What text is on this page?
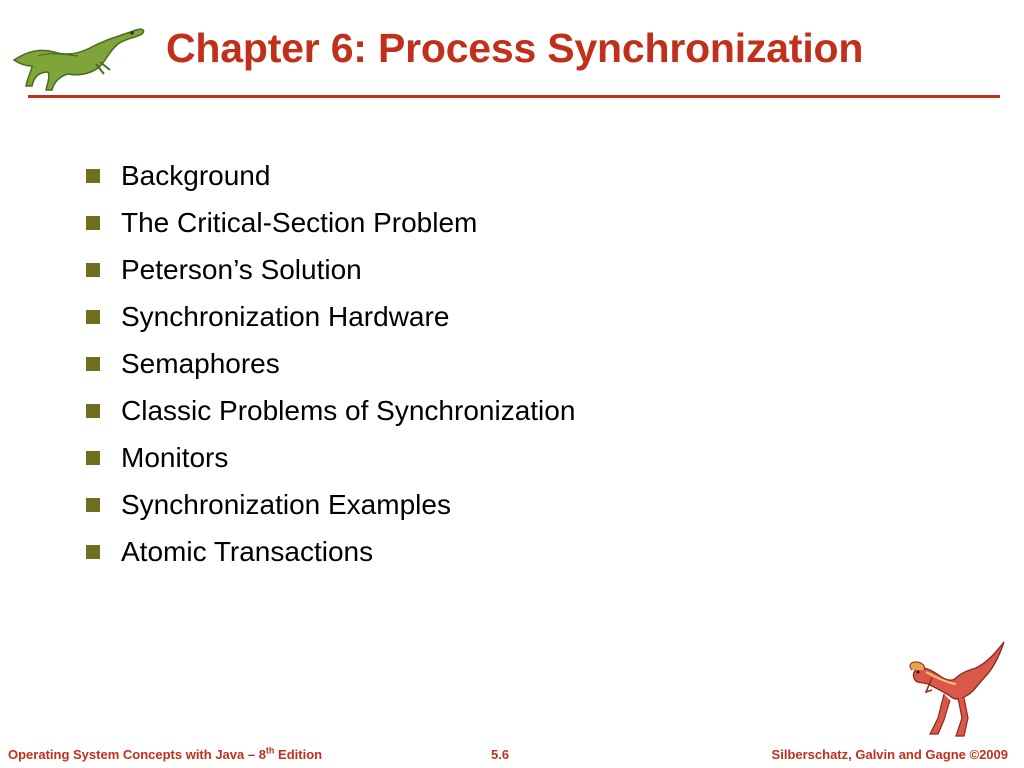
Chapter 6: Process Synchronization
Background
The Critical-Section Problem
Peterson’s Solution
Synchronization Hardware
Semaphores
Classic Problems of Synchronization
Monitors
Synchronization Examples
Atomic Transactions
Operating System Concepts with Java – 8th Edition	5.6	Silberschatz, Galvin and Gagne ©2009
